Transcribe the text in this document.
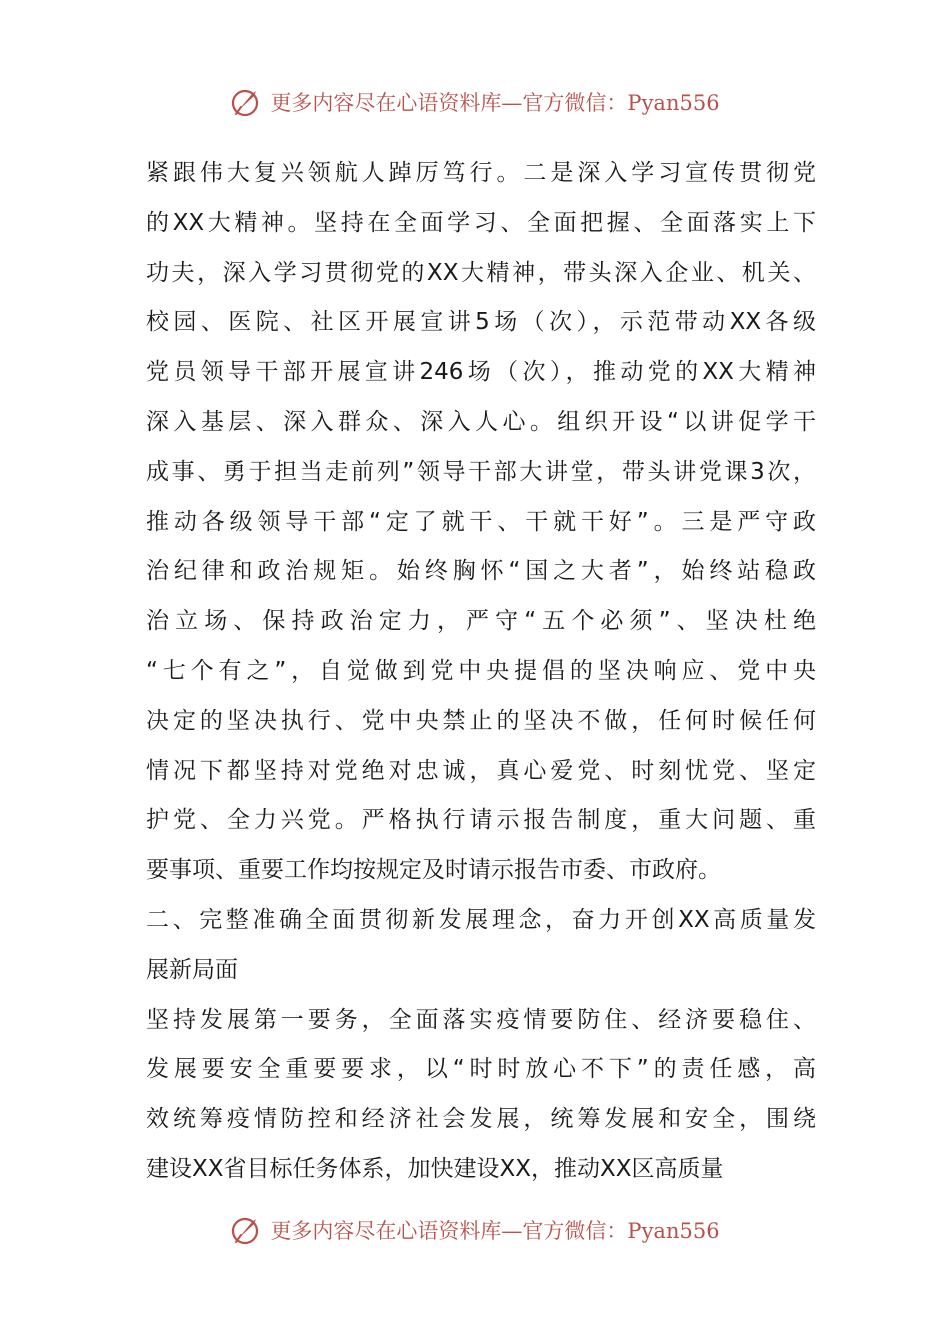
更多内容尽在心语资料库—官方微信：Pyan556
紧跟伟大复兴领航人踔厉笃行。二是深入学习宣传贯彻党
的XX大精神。坚持在全面学习、全面把握、全面落实上下
功夫，深入学习贯彻党的XX大精神，带头深入企业、机关、
校园、医院、社区开展宣讲5场（次），示范带动XX各级
党员领导干部开展宣讲246场（次），推动党的XX大精神
深入基层、深入群众、深入人心。组织开设“以讲促学干
成事、勇于担当走前列”领导干部大讲堂，带头讲党课3次，
推动各级领导干部“定了就干、干就干好”。三是严守政
治纪律和政治规矩。始终胸怀“国之大者”，始终站稳政
治立场、保持政治定力，严守“五个必须”、坚决杜绝
“七个有之”，自觉做到党中央提倡的坚决响应、党中央
决定的坚决执行、党中央禁止的坚决不做，任何时候任何
情况下都坚持对党绝对忠诚，真心爱党、时刻忧党、坚定
护党、全力兴党。严格执行请示报告制度，重大问题、重
要事项、重要工作均按规定及时请示报告市委、市政府。
二、完整准确全面贯彻新发展理念，奋力开创XX高质量发
展新局面
坚持发展第一要务，全面落实疫情要防住、经济要稳住、
发展要安全重要要求，以“时时放心不下”的责任感，高
效统筹疫情防控和经济社会发展，统筹发展和安全，围绕
建设XX省目标任务体系，加快建设XX，推动XX区高质量
更多内容尽在心语资料库—官方微信：Pyan556
